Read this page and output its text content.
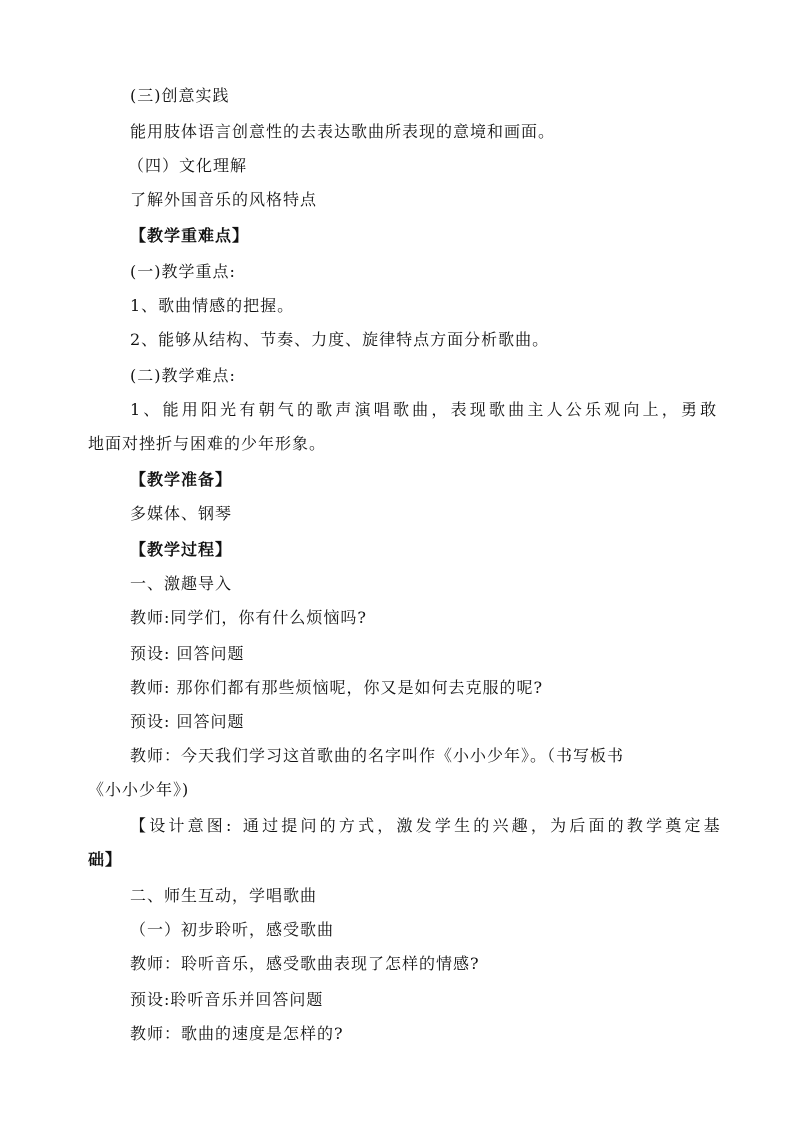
(三)创意实践
能用肢体语言创意性的去表达歌曲所表现的意境和画面。
（四）文化理解
了解外国音乐的风格特点
【教学重难点】
(一)教学重点:
1、歌曲情感的把握。
2、能够从结构、节奏、力度、旋律特点方面分析歌曲。
(二)教学难点:
1、能用阳光有朝气的歌声演唱歌曲，表现歌曲主人公乐观向上，勇敢
地面对挫折与困难的少年形象。
【教学准备】
多媒体、钢琴
【教学过程】
一、激趣导入
教师:同学们，你有什么烦恼吗?
预设: 回答问题
教师: 那你们都有那些烦恼呢，你又是如何去克服的呢?
预设: 回答问题
教师：今天我们学习这首歌曲的名字叫作《小小少年》。（书写板书
《小小少年》)
【设计意图: 通过提问的方式，激发学生的兴趣，为后面的教学奠定基
础】
二、师生互动，学唱歌曲
（一）初步聆听，感受歌曲
教师：聆听音乐，感受歌曲表现了怎样的情感?
预设:聆听音乐并回答问题
教师：歌曲的速度是怎样的?
